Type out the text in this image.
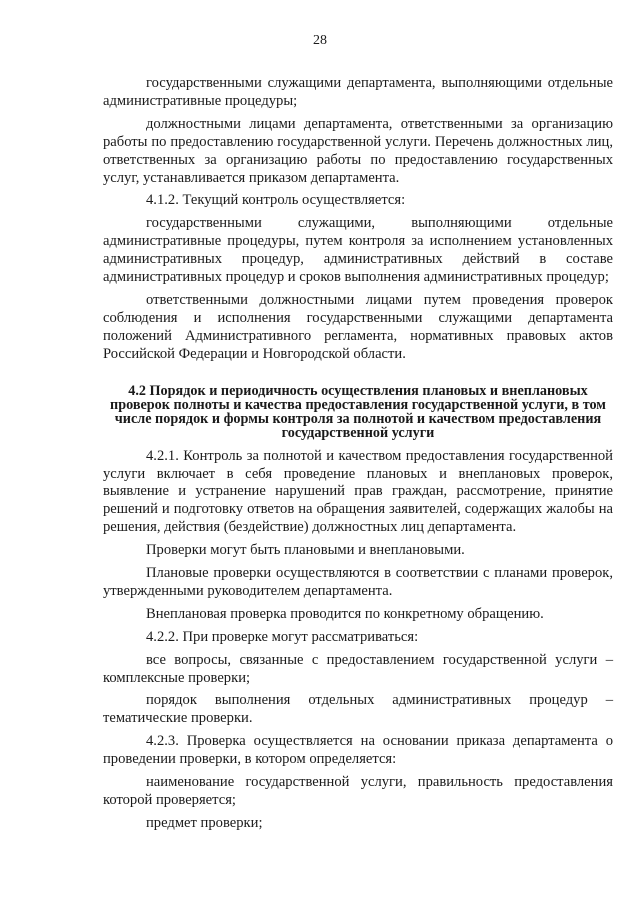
28

государственными служащими департамента, выполняющими отдельные административные процедуры;

должностными лицами департамента, ответственными за организацию работы по предоставлению государственной услуги. Перечень должностных лиц, ответственных за организацию работы по предоставлению государственных услуг, устанавливается приказом департамента.

4.1.2. Текущий контроль осуществляется:

государственными служащими, выполняющими отдельные административные процедуры, путем контроля за исполнением установленных административных процедур, административных действий в составе административных процедур и сроков выполнения административных процедур;

ответственными должностными лицами путем проведения проверок соблюдения и исполнения государственными служащими департамента положений Административного регламента, нормативных правовых актов Российской Федерации и Новгородской области.

4.2 Порядок и периодичность осуществления плановых и внеплановых проверок полноты и качества предоставления государственной услуги, в том числе порядок и формы контроля за полнотой и качеством предоставления государственной услуги

4.2.1. Контроль за полнотой и качеством предоставления государственной услуги включает в себя проведение плановых и внеплановых проверок, выявление и устранение нарушений прав граждан, рассмотрение, принятие решений и подготовку ответов на обращения заявителей, содержащих жалобы на решения, действия (бездействие) должностных лиц департамента.

Проверки могут быть плановыми и внеплановыми.

Плановые проверки осуществляются в соответствии с планами проверок, утвержденными руководителем департамента.

Внеплановая проверка проводится по конкретному обращению.

4.2.2. При проверке могут рассматриваться:

все вопросы, связанные с предоставлением государственной услуги – комплексные проверки;

порядок выполнения отдельных административных процедур – тематические проверки.

4.2.3. Проверка осуществляется на основании приказа департамента о проведении проверки, в котором определяется:

наименование государственной услуги, правильность предоставления которой проверяется;

предмет проверки;
